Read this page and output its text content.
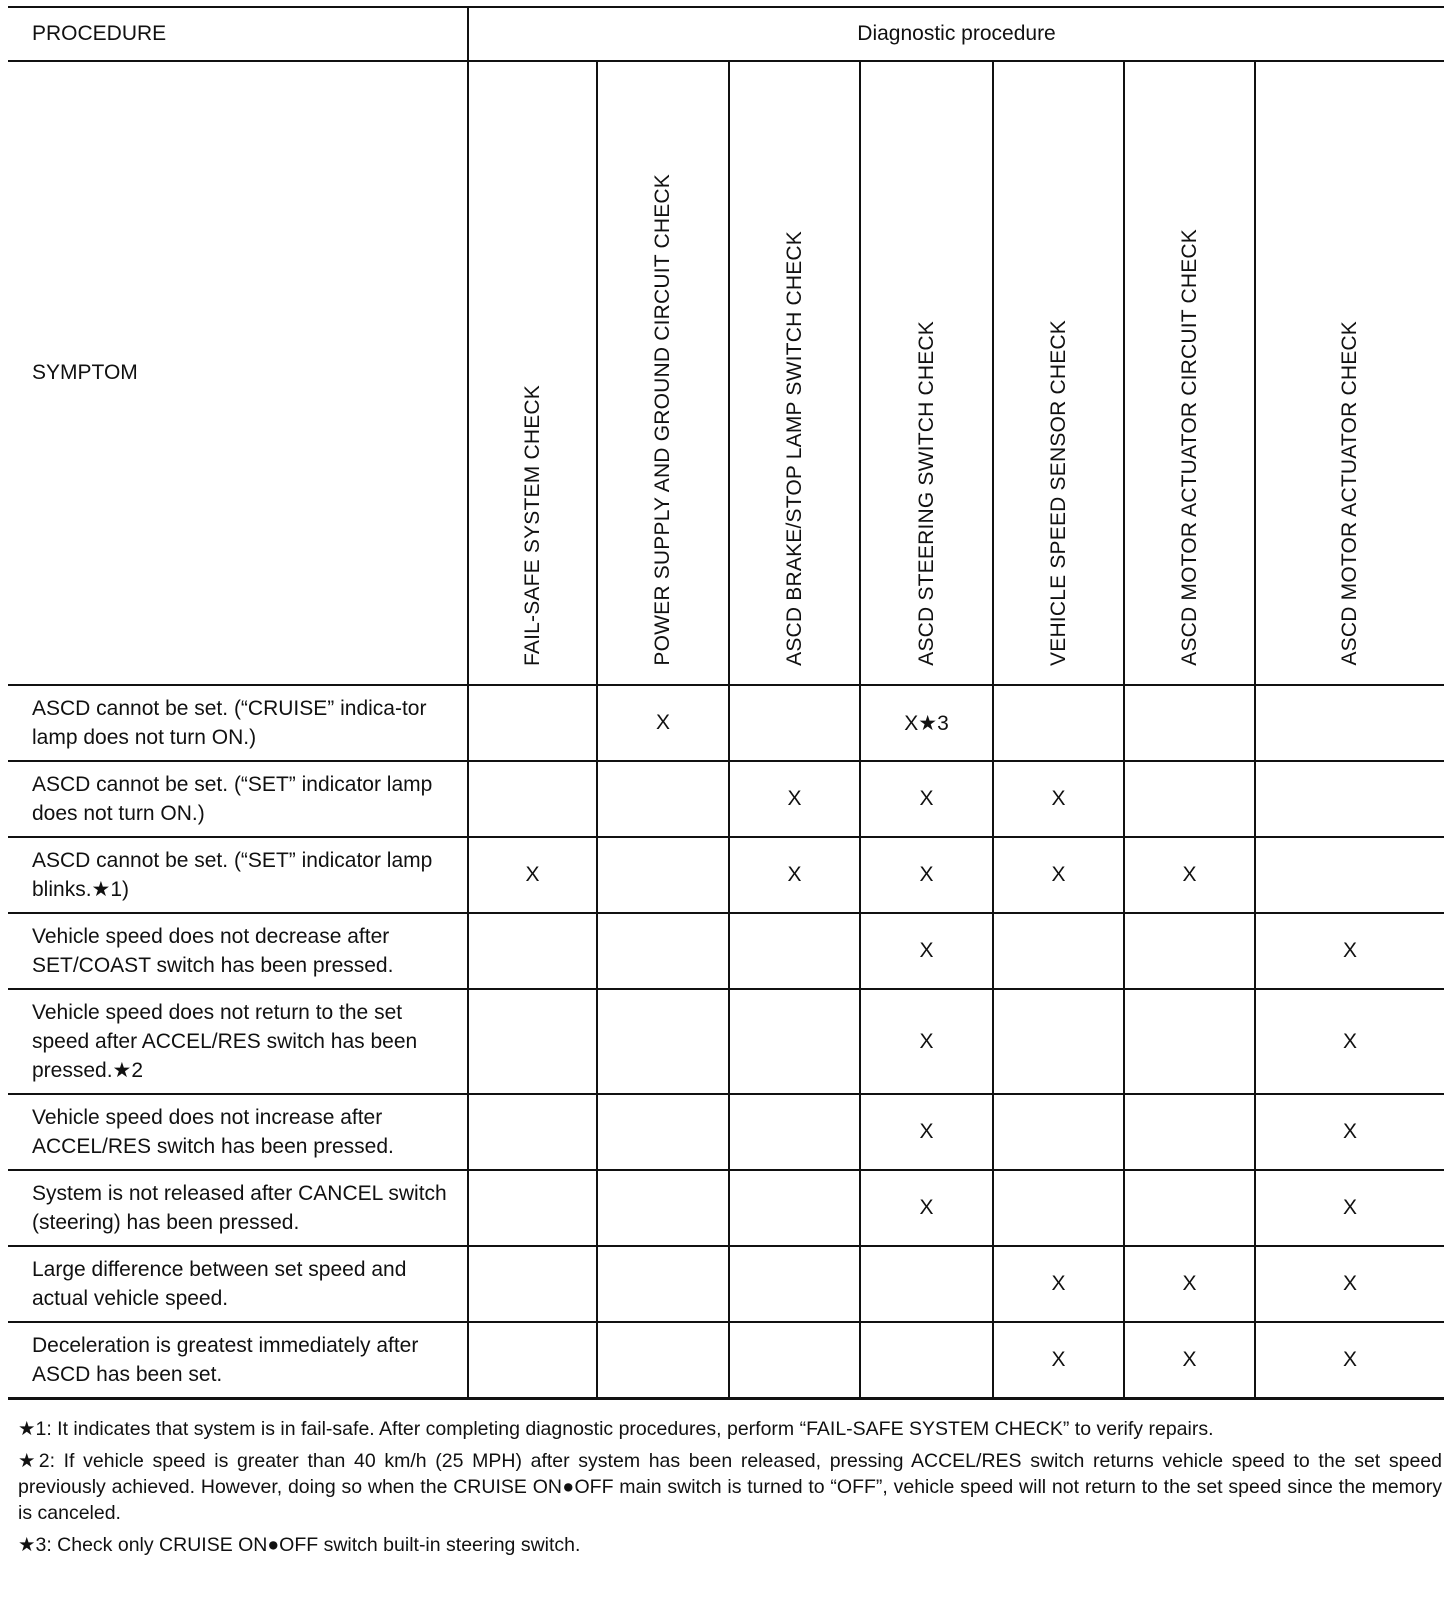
PROCEDURE	Diagnostic procedure						
SYMPTOM	FAIL-SAFE SYSTEM CHECK	POWER SUPPLY AND GROUND CIRCUIT CHECK	ASCD BRAKE/STOP LAMP SWITCH CHECK	ASCD STEERING SWITCH CHECK	VEHICLE SPEED SENSOR CHECK	ASCD MOTOR ACTUATOR CIRCUIT CHECK	ASCD MOTOR ACTUATOR CHECK

ASCD cannot be set. (“CRUISE” indica-tor lamp does not turn ON.)		X		X★3			
ASCD cannot be set. (“SET” indicator lamp does not turn ON.)			X	X	X		
ASCD cannot be set. (“SET” indicator lamp blinks.★1)	X		X	X	X	X	
Vehicle speed does not decrease after SET/COAST switch has been pressed.				X			X
Vehicle speed does not return to the set speed after ACCEL/RES switch has been pressed.★2				X			X
Vehicle speed does not increase after ACCEL/RES switch has been pressed.				X			X
System is not released after CANCEL switch (steering) has been pressed.				X			X
Large difference between set speed and actual vehicle speed.					X	X	X
Deceleration is greatest immediately after ASCD has been set.					X	X	X

★1: It indicates that system is in fail-safe. After completing diagnostic procedures, perform “FAIL-SAFE SYSTEM CHECK” to verify repairs.

★2: If vehicle speed is greater than 40 km/h (25 MPH) after system has been released, pressing ACCEL/RES switch returns vehicle speed to the set speed previously achieved. However, doing so when the CRUISE ON●OFF main switch is turned to “OFF”, vehicle speed will not return to the set speed since the memory is canceled.

★3: Check only CRUISE ON●OFF switch built-in steering switch.
